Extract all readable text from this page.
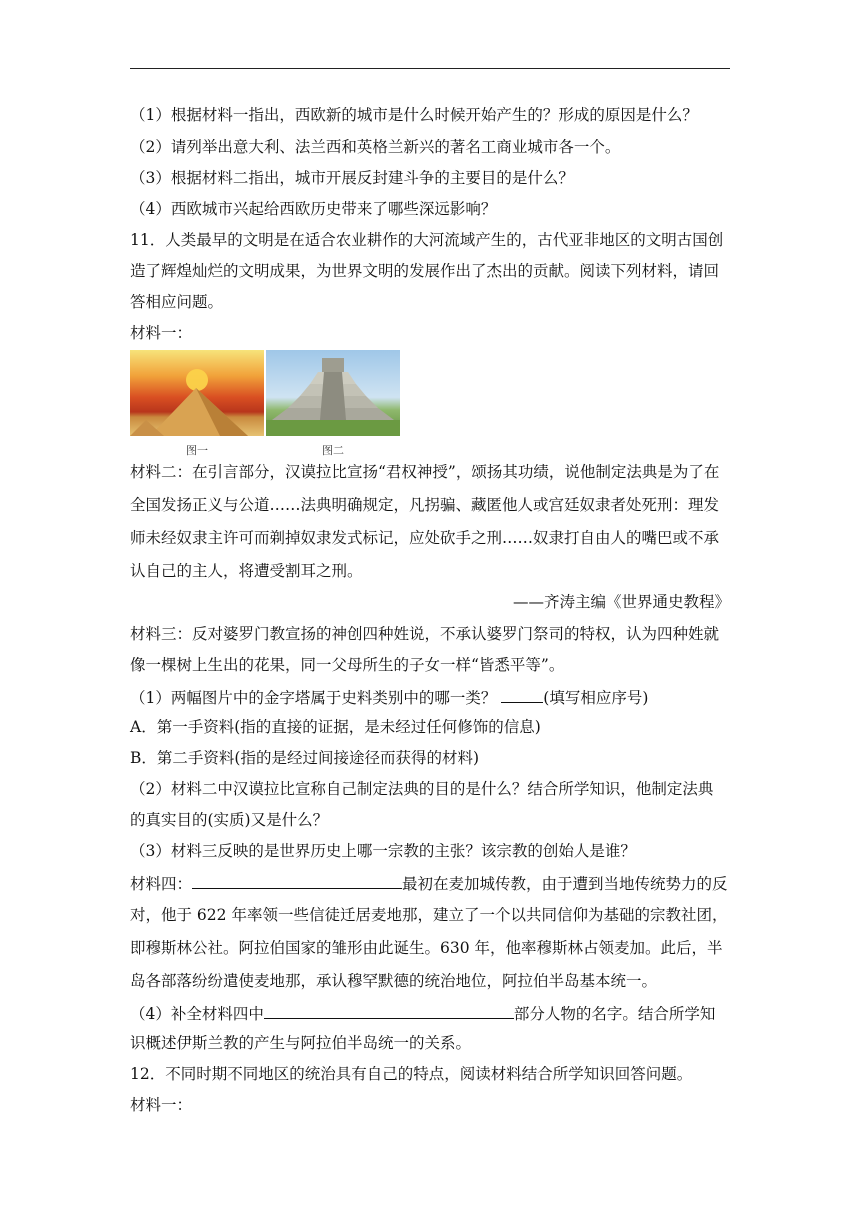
（1）根据材料一指出，西欧新的城市是什么时候开始产生的？形成的原因是什么？
（2）请列举出意大利、法兰西和英格兰新兴的著名工商业城市各一个。
（3）根据材料二指出，城市开展反封建斗争的主要目的是什么？
（4）西欧城市兴起给西欧历史带来了哪些深远影响？
11．人类最早的文明是在适合农业耕作的大河流域产生的，古代亚非地区的文明古国创
造了辉煌灿烂的文明成果，为世界文明的发展作出了杰出的贡献。阅读下列材料，请回
答相应问题。
材料一：
图一	图二
材料二：在引言部分，汉谟拉比宣扬“君权神授”，颂扬其功绩，说他制定法典是为了在
全国发扬正义与公道……法典明确规定，凡拐骗、藏匿他人或宫廷奴隶者处死刑：理发
师未经奴隶主许可而剃掉奴隶发式标记，应处砍手之刑……奴隶打自由人的嘴巴或不承
认自己的主人，将遭受割耳之刑。
——齐涛主编《世界通史教程》
材料三：反对婆罗门教宣扬的神创四种姓说，不承认婆罗门祭司的特权，认为四种姓就
像一棵树上生出的花果，同一父母所生的子女一样“皆悉平等”。
（1）两幅图片中的金字塔属于史料类别中的哪一类？	(填写相应序号)
A．第一手资料(指的直接的证据，是未经过任何修饰的信息)
B．第二手资料(指的是经过间接途径而获得的材料)
（2）材料二中汉谟拉比宣称自己制定法典的目的是什么？结合所学知识，他制定法典
的真实目的(实质)又是什么？
（3）材料三反映的是世界历史上哪一宗教的主张？该宗教的创始人是谁？
材料四：	最初在麦加城传教，由于遭到当地传统势力的反
对，他于 622 年率领一些信徒迁居麦地那，建立了一个以共同信仰为基础的宗教社团，
即穆斯林公社。阿拉伯国家的雏形由此诞生。630 年，他率穆斯林占领麦加。此后，半
岛各部落纷纷遣使麦地那，承认穆罕默德的统治地位，阿拉伯半岛基本统一。
（4）补全材料四中	部分人物的名字。结合所学知
识概述伊斯兰教的产生与阿拉伯半岛统一的关系。
12．不同时期不同地区的统治具有自己的特点，阅读材料结合所学知识回答问题。
材料一：
